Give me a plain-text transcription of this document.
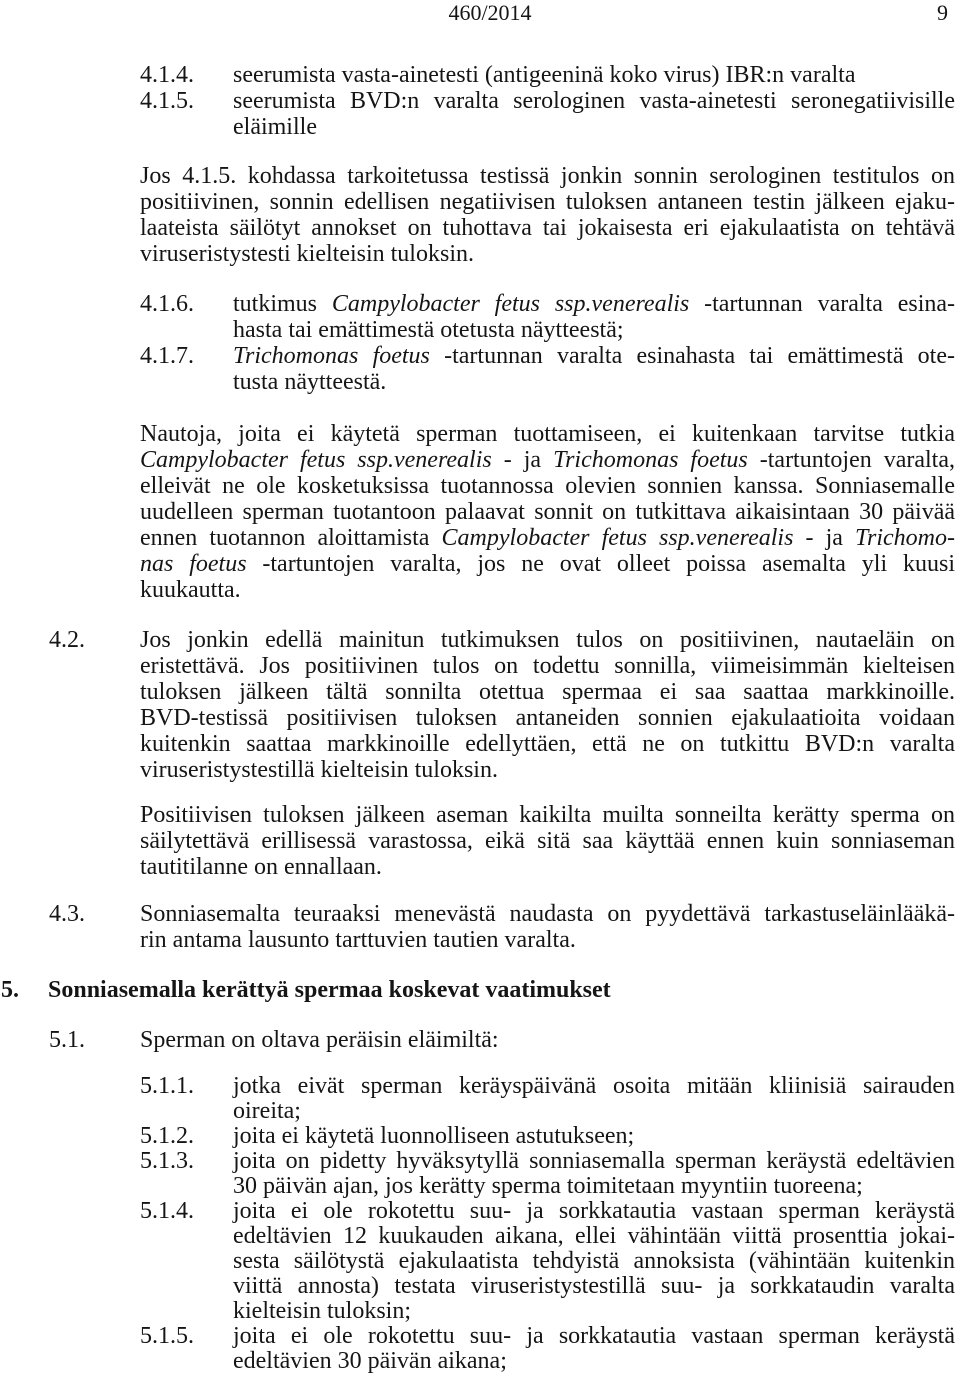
460/2014	9
4.1.4. seerumista vasta-ainetesti (antigeeninä koko virus) IBR:n varalta
4.1.5. seerumista BVD:n varalta serologinen vasta-ainetesti seronegatiivisille
eläimille
Jos 4.1.5. kohdassa tarkoitetussa testissä jonkin sonnin serologinen testitulos on
positiivinen, sonnin edellisen negatiivisen tuloksen antaneen testin jälkeen ejaku-
laateista säilötyt annokset on tuhottava tai jokaisesta eri ejakulaatista on tehtävä
viruseristystesti kielteisin tuloksin.
4.1.6. tutkimus Campylobacter fetus ssp.venerealis -tartunnan varalta esina-
hasta tai emättimestä otetusta näytteestä;
4.1.7. Trichomonas foetus -tartunnan varalta esinahasta tai emättimestä ote-
tusta näytteestä.
Nautoja, joita ei käytetä sperman tuottamiseen, ei kuitenkaan tarvitse tutkia
Campylobacter fetus ssp.venerealis - ja Trichomonas foetus -tartuntojen varalta,
elleivät ne ole kosketuksissa tuotannossa olevien sonnien kanssa. Sonniasemalle
uudelleen sperman tuotantoon palaavat sonnit on tutkittava aikaisintaan 30 päivää
ennen tuotannon aloittamista Campylobacter fetus ssp.venerealis - ja Trichomo-
nas foetus -tartuntojen varalta, jos ne ovat olleet poissa asemalta yli kuusi
kuukautta.
4.2. Jos jonkin edellä mainitun tutkimuksen tulos on positiivinen, nautaeläin on
eristettävä. Jos positiivinen tulos on todettu sonnilla, viimeisimmän kielteisen
tuloksen jälkeen tältä sonnilta otettua spermaa ei saa saattaa markkinoille.
BVD-testissä positiivisen tuloksen antaneiden sonnien ejakulaatioita voidaan
kuitenkin saattaa markkinoille edellyttäen, että ne on tutkittu BVD:n varalta
viruseristystestillä kielteisin tuloksin.
Positiivisen tuloksen jälkeen aseman kaikilta muilta sonneilta kerätty sperma on
säilytettävä erillisessä varastossa, eikä sitä saa käyttää ennen kuin sonniaseman
tautitilanne on ennallaan.
4.3. Sonniasemalta teuraaksi menevästä naudasta on pyydettävä tarkastuseläinlääkä-
rin antama lausunto tarttuvien tautien varalta.
5. Sonniasemalla kerättyä spermaa koskevat vaatimukset
5.1. Sperman on oltava peräisin eläimiltä:
5.1.1. jotka eivät sperman keräyspäivänä osoita mitään kliinisiä sairauden
oireita;
5.1.2. joita ei käytetä luonnolliseen astutukseen;
5.1.3. joita on pidetty hyväksytyllä sonniasemalla sperman keräystä edeltävien
30 päivän ajan, jos kerätty sperma toimitetaan myyntiin tuoreena;
5.1.4. joita ei ole rokotettu suu- ja sorkkatautia vastaan sperman keräystä
edeltävien 12 kuukauden aikana, ellei vähintään viittä prosenttia jokai-
sesta säilötystä ejakulaatista tehdyistä annoksista (vähintään kuitenkin
viittä annosta) testata viruseristystestillä suu- ja sorkkataudin varalta
kielteisin tuloksin;
5.1.5. joita ei ole rokotettu suu- ja sorkkatautia vastaan sperman keräystä
edeltävien 30 päivän aikana;
